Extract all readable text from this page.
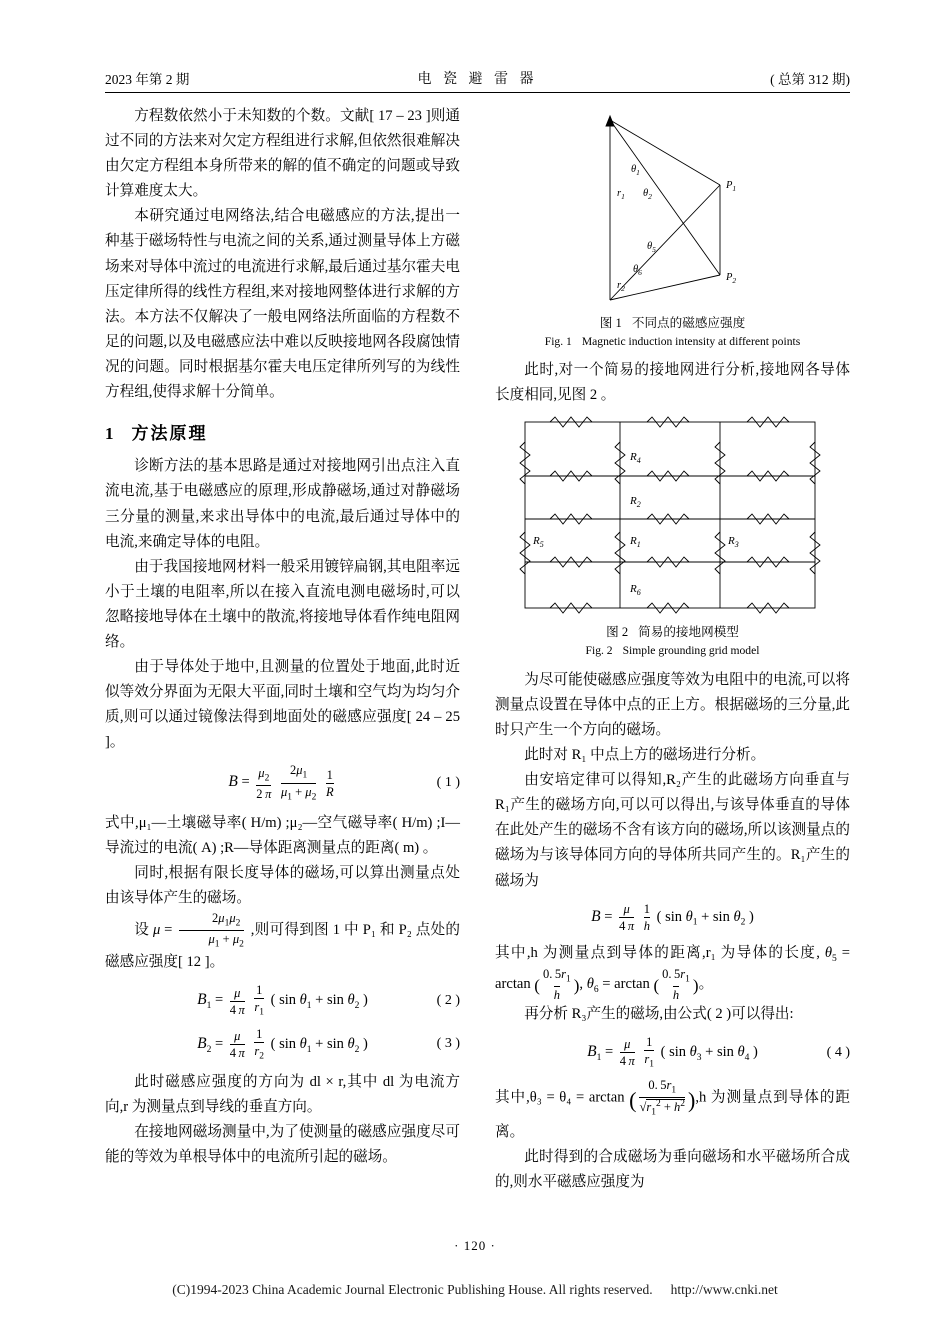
2023 年第 2 期	电 瓷 避 雷 器	( 总第 312 期)

方程数依然小于未知数的个数。文献[ 17 – 23 ]则通过不同的方法来对欠定方程组进行求解,但依然很难解决由欠定方程组本身所带来的解的值不确定的问题或导致计算难度太大。

本研究通过电网络法,结合电磁感应的方法,提出一种基于磁场特性与电流之间的关系,通过测量导体上方磁场来对导体中流过的电流进行求解,最后通过基尔霍夫电压定律所得的线性方程组,来对接地网整体进行求解的方法。本方法不仅解决了一般电网络法所面临的方程数不足的问题,以及电磁感应法中难以反映接地网各段腐蚀情况的问题。同时根据基尔霍夫电压定律所列写的为线性方程组,使得求解十分简单。

1 方法原理

诊断方法的基本思路是通过对接地网引出点注入直流电流,基于电磁感应的原理,形成静磁场,通过对静磁场三分量的测量,来求出导体中的电流,最后通过导体中的电流,来确定导体的电阻。

由于我国接地网材料一般采用镀锌扁钢,其电阻率远小于土壤的电阻率,所以在接入直流电测电磁场时,可以忽略接地导体在土壤中的散流,将接地导体看作纯电阻网络。

由于导体处于地中,且测量的位置处于地面,此时近似等效分界面为无限大平面,同时土壤和空气均为均匀介质,则可以通过镜像法得到地面处的磁感应强度[ 24 – 25 ]。

$B = \frac{\mu_2}{2 \pi}$
$\frac{2\mu_1}{\mu_1 + \mu_2}$
$\frac{1}{R}$	( 1 )

式中,μ₁—土壤磁导率( H/m) ;μ₂—空气磁导率( H/m) ;I—导流过的电流( A) ;R—导体距离测量点的距离( m) 。

同时,根据有限长度导体的磁场,可以算出测量点处由该导体产生的磁场。

设 $\mu = \frac{2\mu_1\mu_2}{\mu_1 + \mu_2}$ ,则可得到图 1 中 P₁ 和 P₂ 点处的磁感应强度[ 12 ]。

$B_1 = \frac{\mu}{4 \pi}$
$\frac{1}{r_1}$ ( $\sin \theta_1 + \sin \theta_2$ )	( 2 )
$B_2 = \frac{\mu}{4 \pi}$
$\frac{1}{r_2}$ ( $\sin \theta_1 + \sin \theta_2$ )	( 3 )

此时磁感应强度的方向为 dl × r,其中 dl 为电流方向,r 为测量点到导线的垂直方向。

在接地网磁场测量中,为了使测量的磁感应强度尽可能的等效为单根导体中的电流所引起的磁场。

θ1
θ2
θ5
θ6
r1
r2
P1
P2
图 1 不同点的磁感应强度
Fig. 1 Magnetic induction intensity at different points

此时,对一个简易的接地网进行分析,接地网各导体长度相同,见图 2 。

R4
R2
R5	R1	R3
R6
图 2 简易的接地网模型
Fig. 2 Simple grounding grid model

为尽可能使磁感应强度等效为电阻中的电流,可以将测量点设置在导体中点的正上方。根据磁场的三分量,此时只产生一个方向的磁场。

此时对 R₁ 中点上方的磁场进行分析。

由安培定律可以得知,R₂产生的此磁场方向垂直与 R₁产生的磁场方向,可以可以得出,与该导体垂直的导体在此处产生的磁场不含有该方向的磁场,所以该测量点的磁场为与该导体同方向的导体所共同产生的。R₁产生的磁场为

$B = \frac{\mu}{4 \pi}$
$\frac{1}{h}$ ( $\sin \theta_1 + \sin \theta_2$ )

其中,h 为测量点到导体的距离,r₁ 为导体的长度, $\theta_5 = \arctan$ ( $\frac{0. 5r_1}{h}$ ), $\theta_6 = \arctan$ ( $\frac{0. 5r_1}{h}$ )。

再分析 R₃产生的磁场,由公式( 2 )可以得出:

$B_1 = \frac{\mu}{4 \pi}$
$\frac{1}{r_1}$ ( $\sin \theta_3 + \sin \theta_4$ )	( 4 )

其中,θ₃ = θ₄ = arctan ( $\frac{0. 5r_1}{√r_1^2 + h^2} ),h$ 为测量点到导体的距离。

此时得到的合成磁场为垂向磁场和水平磁场所合成的,则水平磁感应强度为

· 120 ·
(C)1994-2023 China Academic Journal Electronic Publishing House. All rights reserved. http://www.cnki.net
